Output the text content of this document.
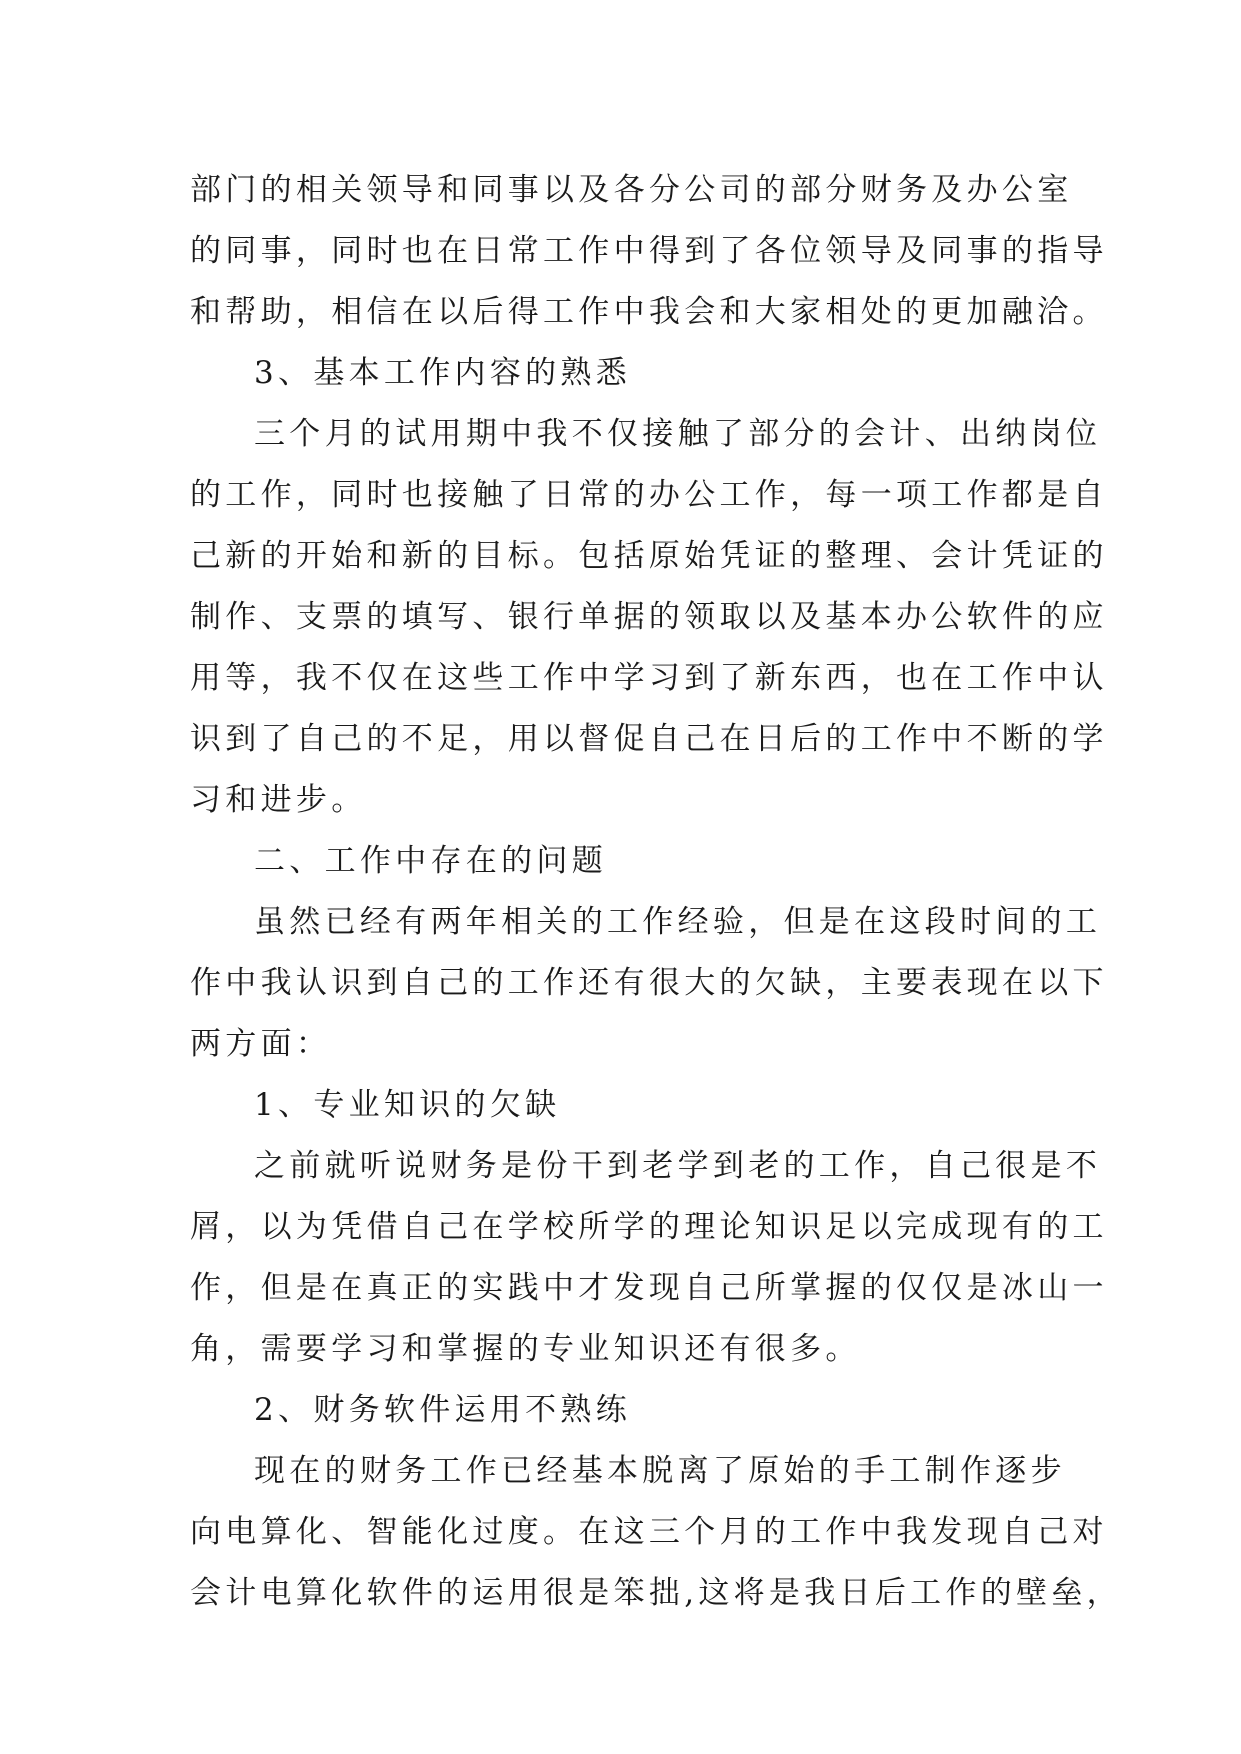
部门的相关领导和同事以及各分公司的部分财务及办公室
的同事，同时也在日常工作中得到了各位领导及同事的指导
和帮助，相信在以后得工作中我会和大家相处的更加融洽。
3、基本工作内容的熟悉
三个月的试用期中我不仅接触了部分的会计、出纳岗位
的工作，同时也接触了日常的办公工作，每一项工作都是自
己新的开始和新的目标。包括原始凭证的整理、会计凭证的
制作、支票的填写、银行单据的领取以及基本办公软件的应
用等，我不仅在这些工作中学习到了新东西，也在工作中认
识到了自己的不足，用以督促自己在日后的工作中不断的学
习和进步。
二、工作中存在的问题
虽然已经有两年相关的工作经验，但是在这段时间的工
作中我认识到自己的工作还有很大的欠缺，主要表现在以下
两方面：
1、专业知识的欠缺
之前就听说财务是份干到老学到老的工作，自己很是不
屑，以为凭借自己在学校所学的理论知识足以完成现有的工
作，但是在真正的实践中才发现自己所掌握的仅仅是冰山一
角，需要学习和掌握的专业知识还有很多。
2、财务软件运用不熟练
现在的财务工作已经基本脱离了原始的手工制作逐步
向电算化、智能化过度。在这三个月的工作中我发现自己对
会计电算化软件的运用很是笨拙,这将是我日后工作的壁垒，
